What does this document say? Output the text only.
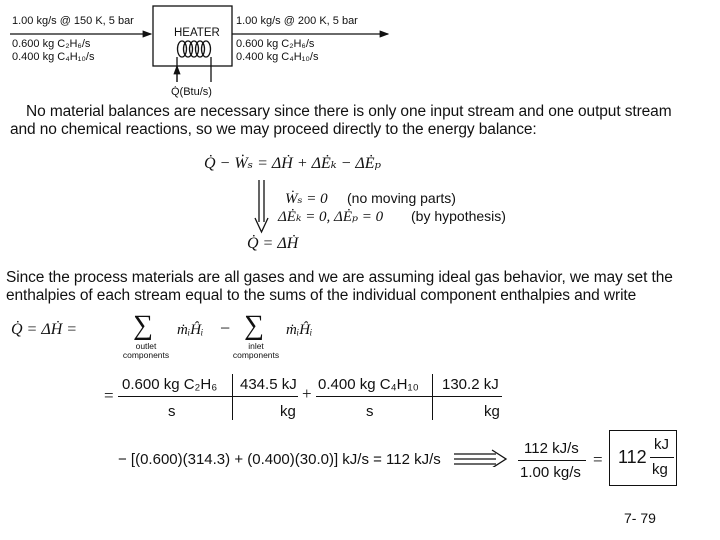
1.00 kg/s @ 150 K, 5 bar
0.600 kg C₂H₆/s
0.400 kg C₄H₁₀/s
1.00 kg/s @ 200 K, 5 bar
0.600 kg C₂H₆/s
0.400 kg C₄H₁₀/s
Q̇(Btu/s)
HEATER
No material balances are necessary since there is only one input stream and one output stream
and no chemical reactions, so we may proceed directly to the energy balance:
Q̇ − Ẇₛ = ΔḢ + ΔĖₖ − ΔĖₚ
Ẇₛ = 0 (no moving parts)
ΔĖₖ = 0, ΔĖₚ = 0 (by hypothesis)
Q̇ = ΔḢ
Since the process materials are all gases and we are assuming ideal gas behavior, we may set the
enthalpies of each stream equal to the sums of the individual component enthalpies and write
Q̇ = ΔḢ = ∑
outlet
components
ṁᵢĤᵢ − ∑
inlet
components
ṁᵢĤᵢ
=
0.600 kg C₂H₆ 434.5 kJ
s	kg
+ 0.400 kg C₄H₁₀ 130.2 kJ
s	kg
− [(0.600)(314.3) + (0.400)(30.0)] kJ/s = 112 kJ/s
112 kJ/s
1.00 kg/s
= 112
kJ
kg
7- 79
